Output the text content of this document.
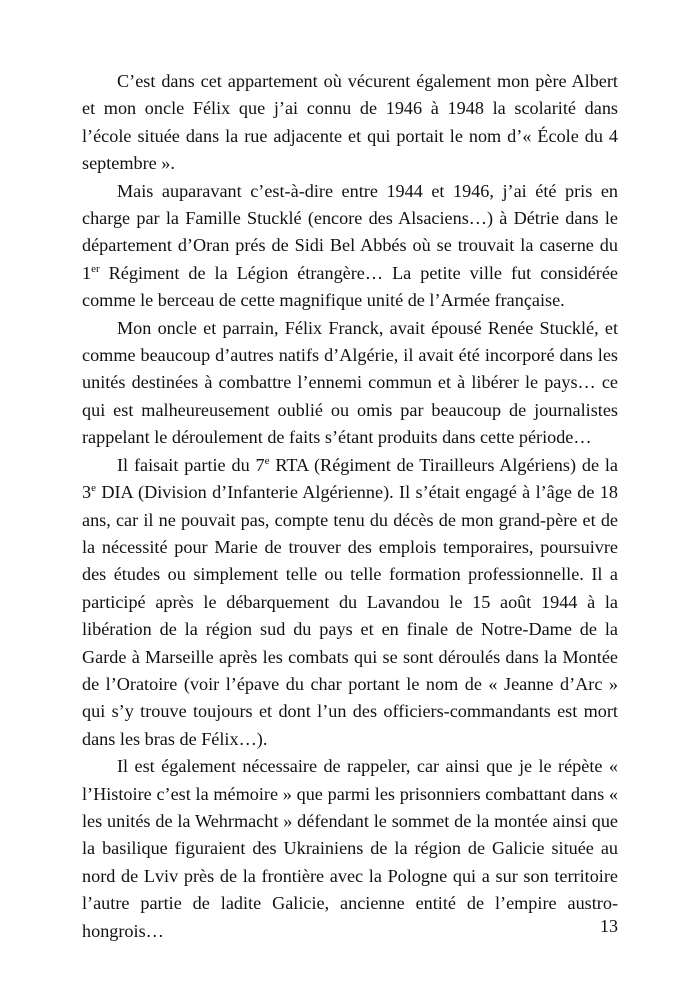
C’est dans cet appartement où vécurent également mon père Albert et mon oncle Félix que j’ai connu de 1946 à 1948 la scolarité dans l’école située dans la rue adjacente et qui portait le nom d’« École du 4 septembre ».

Mais auparavant c’est-à-dire entre 1944 et 1946, j’ai été pris en charge par la Famille Stucklé (encore des Alsaciens…) à Détrie dans le département d’Oran prés de Sidi Bel Abbés où se trouvait la caserne du 1er Régiment de la Légion étrangère… La petite ville fut considérée comme le berceau de cette magnifique unité de l’Armée française.

Mon oncle et parrain, Félix Franck, avait épousé Renée Stucklé, et comme beaucoup d’autres natifs d’Algérie, il avait été incorporé dans les unités destinées à combattre l’ennemi commun et à libérer le pays… ce qui est malheureusement oublié ou omis par beaucoup de journalistes rappelant le déroulement de faits s’étant produits dans cette période…

Il faisait partie du 7e RTA (Régiment de Tirailleurs Algériens) de la 3e DIA (Division d’Infanterie Algérienne). Il s’était engagé à l’âge de 18 ans, car il ne pouvait pas, compte tenu du décès de mon grand-père et de la nécessité pour Marie de trouver des emplois temporaires, poursuivre des études ou simplement telle ou telle formation professionnelle. Il a participé après le débarquement du Lavandou le 15 août 1944 à la libération de la région sud du pays et en finale de Notre-Dame de la Garde à Marseille après les combats qui se sont déroulés dans la Montée de l’Oratoire (voir l’épave du char portant le nom de « Jeanne d’Arc » qui s’y trouve toujours et dont l’un des officiers-commandants est mort dans les bras de Félix…).

Il est également nécessaire de rappeler, car ainsi que je le répète « l’Histoire c’est la mémoire » que parmi les prisonniers combattant dans « les unités de la Wehrmacht » défendant le sommet de la montée ainsi que la basilique figuraient des Ukrainiens de la région de Galicie située au nord de Lviv près de la frontière avec la Pologne qui a sur son territoire l’autre partie de ladite Galicie, ancienne entité de l’empire austro-hongrois…	13
